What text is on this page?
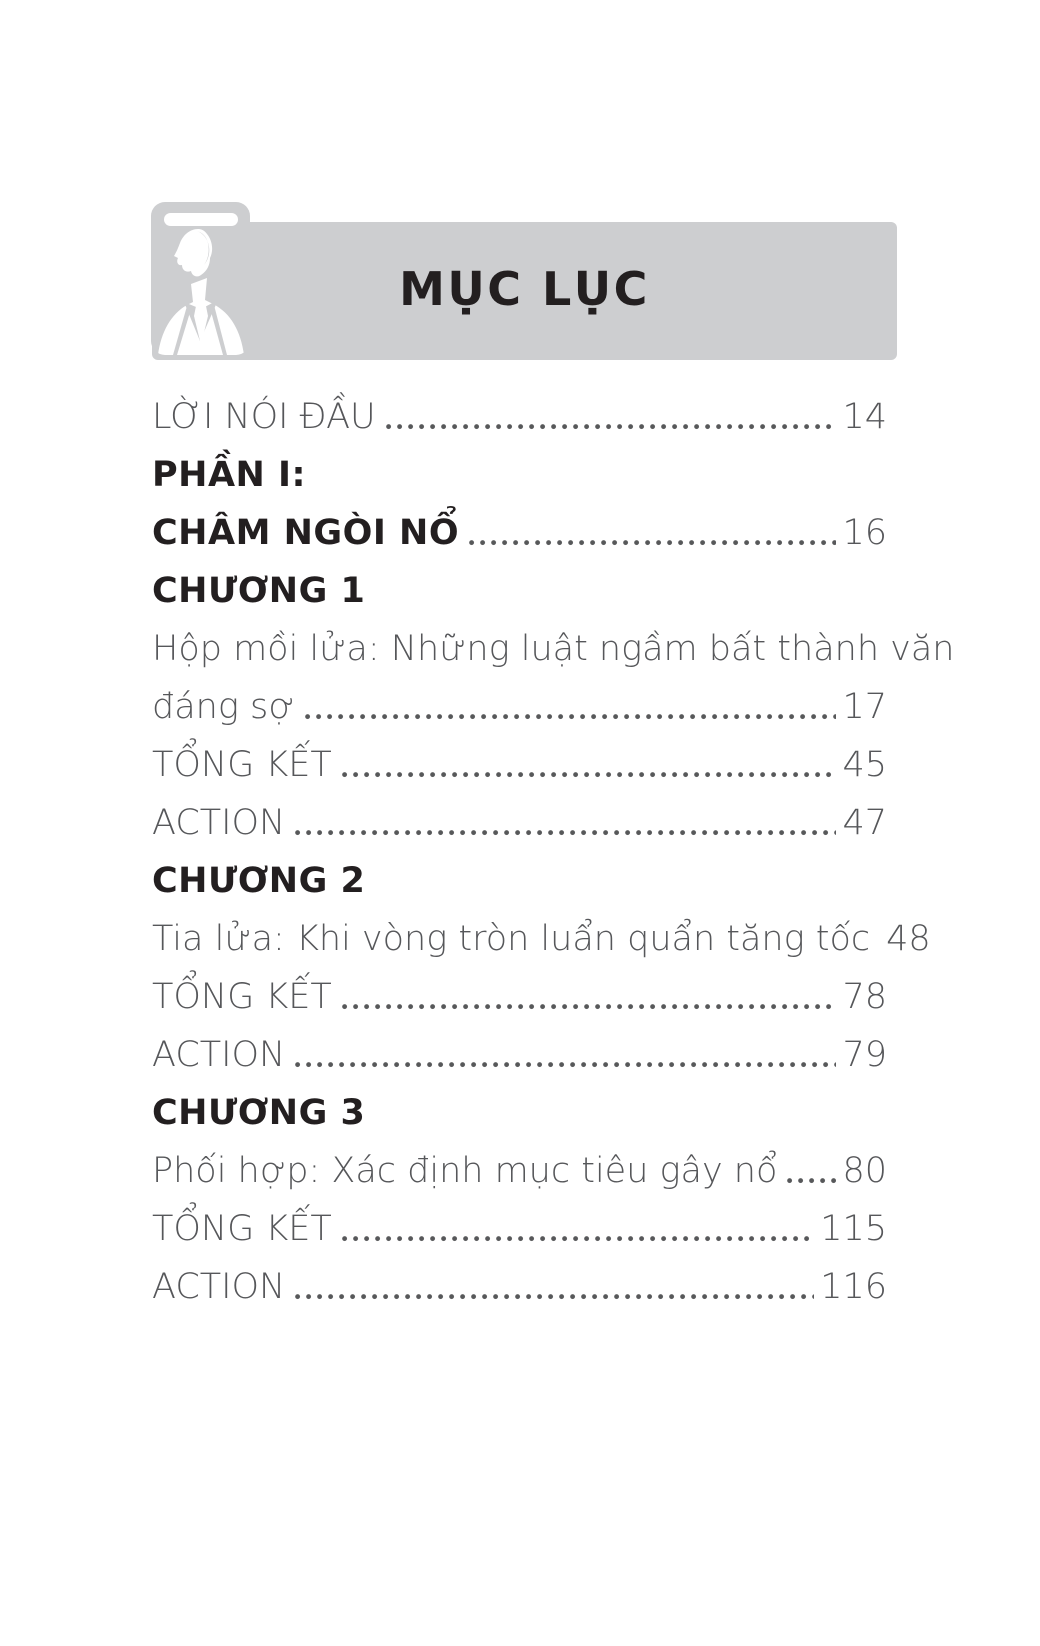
MỤC LỤC
LỜI NÓI ĐẦU	14
PHẦN I:
CHÂM NGÒI NỔ	16
CHƯƠNG 1
Hộp mồi lửa: Những luật ngầm bất thành văn
đáng sợ	17
TỔNG KẾT	45
ACTION	47
CHƯƠNG 2
Tia lửa: Khi vòng tròn luẩn quẩn tăng tốc 48
TỔNG KẾT	78
ACTION	79
CHƯƠNG 3
Phối hợp: Xác định mục tiêu gây nổ 80
TỔNG KẾT	115
ACTION	116
